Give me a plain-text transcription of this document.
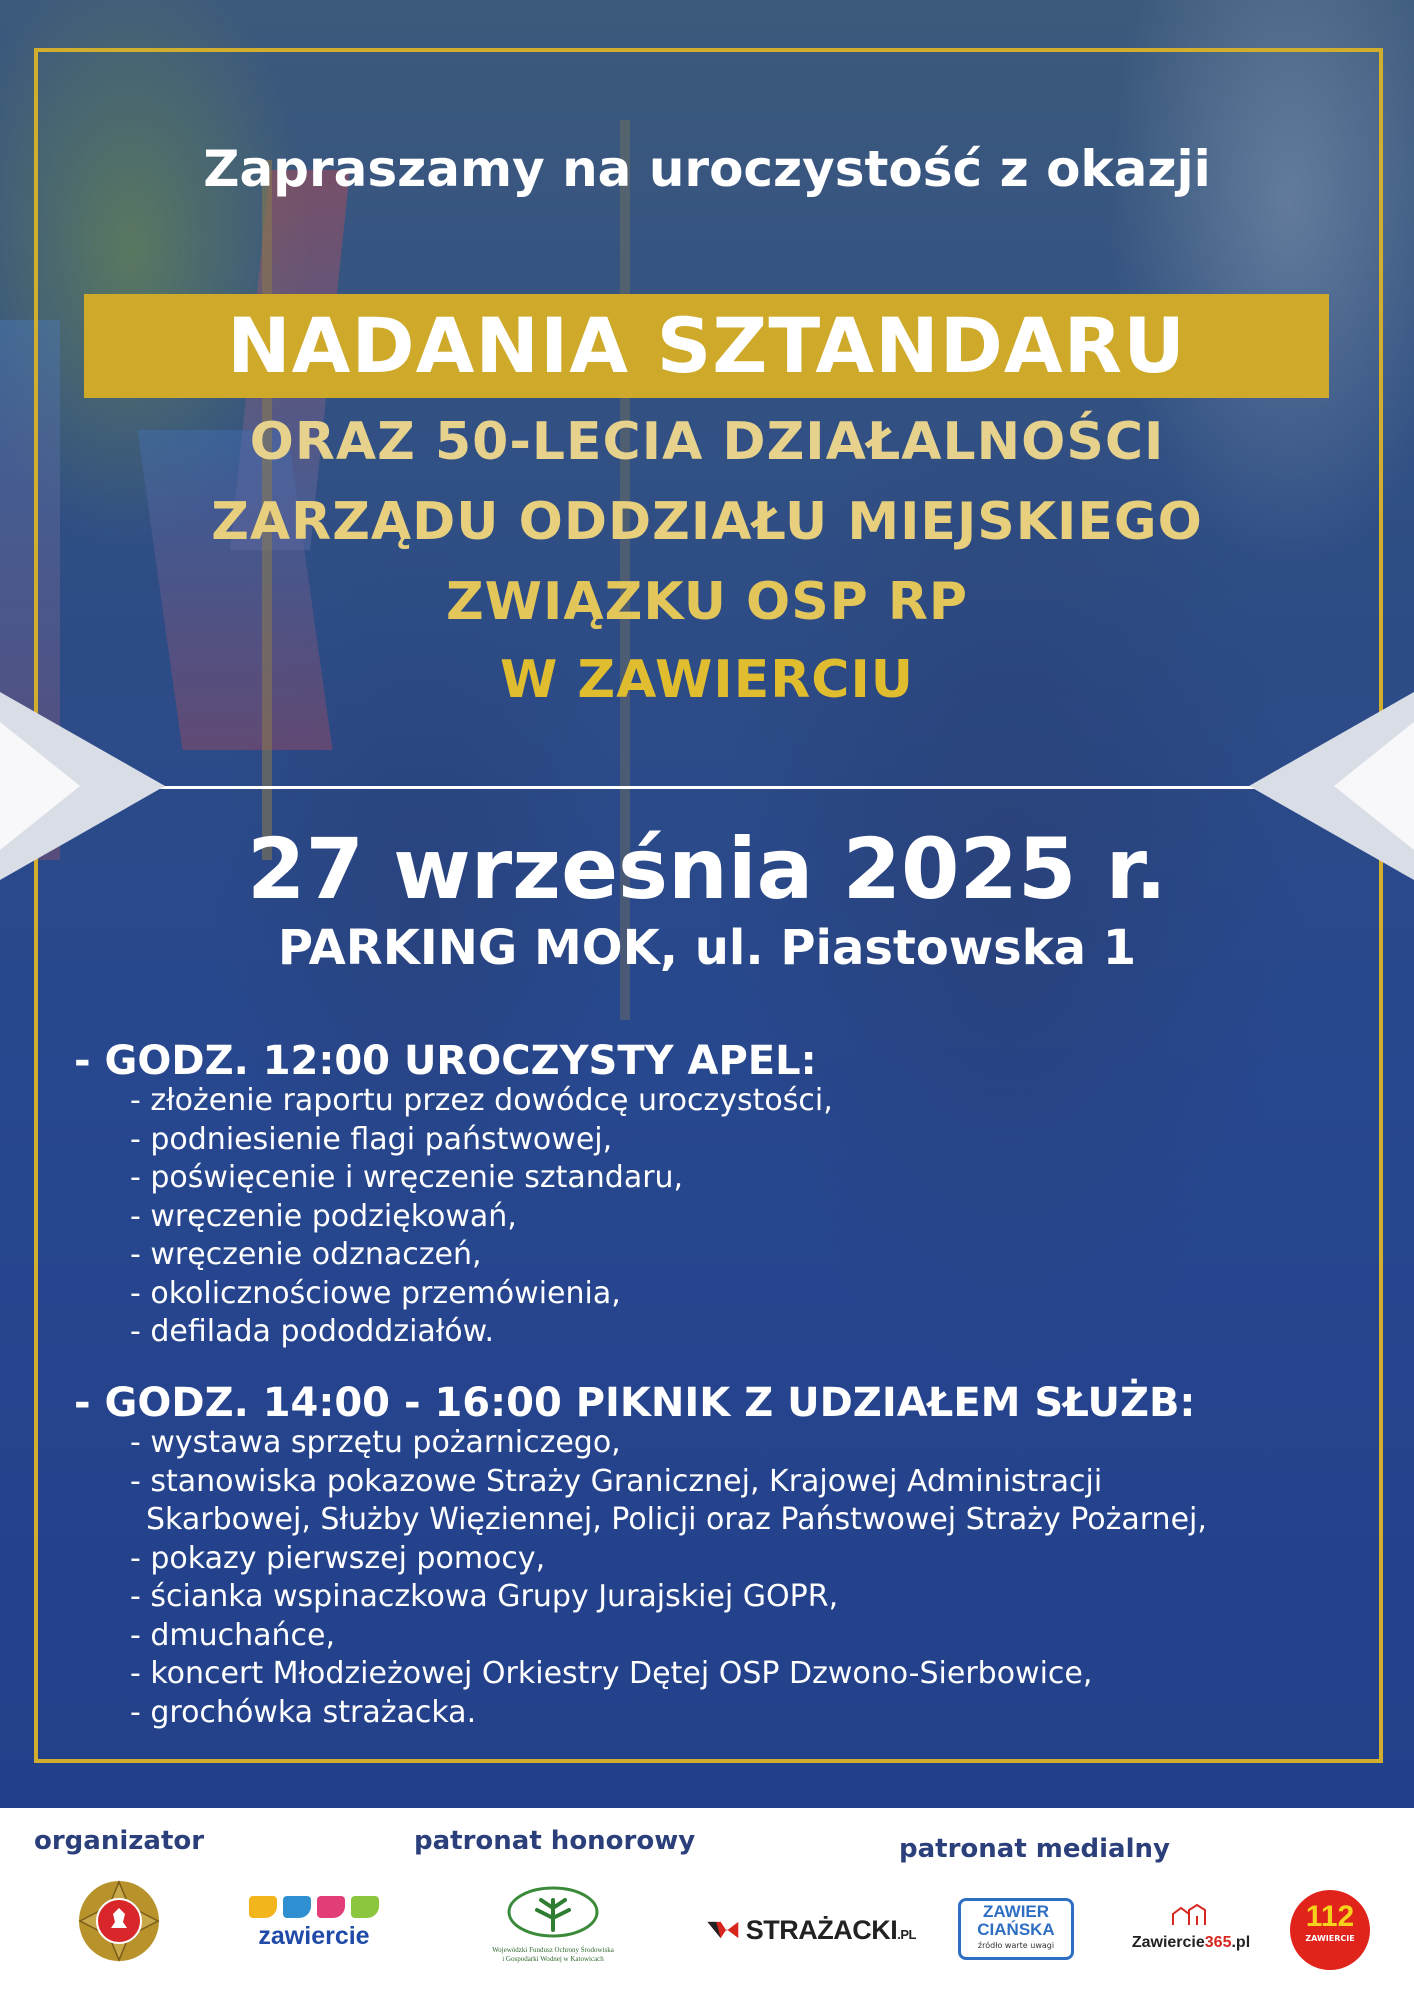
Zapraszamy na uroczystość z okazji
NADANIA SZTANDARU
ORAZ 50-LECIA DZIAŁALNOŚCI
ZARZĄDU ODDZIAŁU MIEJSKIEGO
ZWIĄZKU OSP RP
W ZAWIERCIU
27 września 2025 r.
PARKING MOK, ul. Piastowska 1
- GODZ. 12:00 UROCZYSTY APEL:
- złożenie raportu przez dowódcę uroczystości,
- podniesienie flagi państwowej,
- poświęcenie i wręczenie sztandaru,
- wręczenie podziękowań,
- wręczenie odznaczeń,
- okolicznościowe przemówienia,
- defilada pododdziałów.
- GODZ. 14:00 - 16:00 PIKNIK Z UDZIAŁEM SŁUŻB:
- wystawa sprzętu pożarniczego,
- stanowiska pokazowe Straży Granicznej, Krajowej Administracji
Skarbowej, Służby Więziennej, Policji oraz Państwowej Straży Pożarnej,
- pokazy pierwszej pomocy,
- ścianka wspinaczkowa Grupy Jurajskiej GOPR,
- dmuchańce,
- koncert Młodzieżowej Orkiestry Dętej OSP Dzwono-Sierbowice,
- grochówka strażacka.
organizator	patronat honorowy	patronat medialny
zawiercie	Wojewódzki Fundusz Ochrony Środowiska
i Gospodarki Wodnej w Katowicach
STRAŻACKI.PL
ZAWIER
CIAŃSKA
źródło warte uwagi	Zawiercie365.pl
112
ZAWIERCIE
